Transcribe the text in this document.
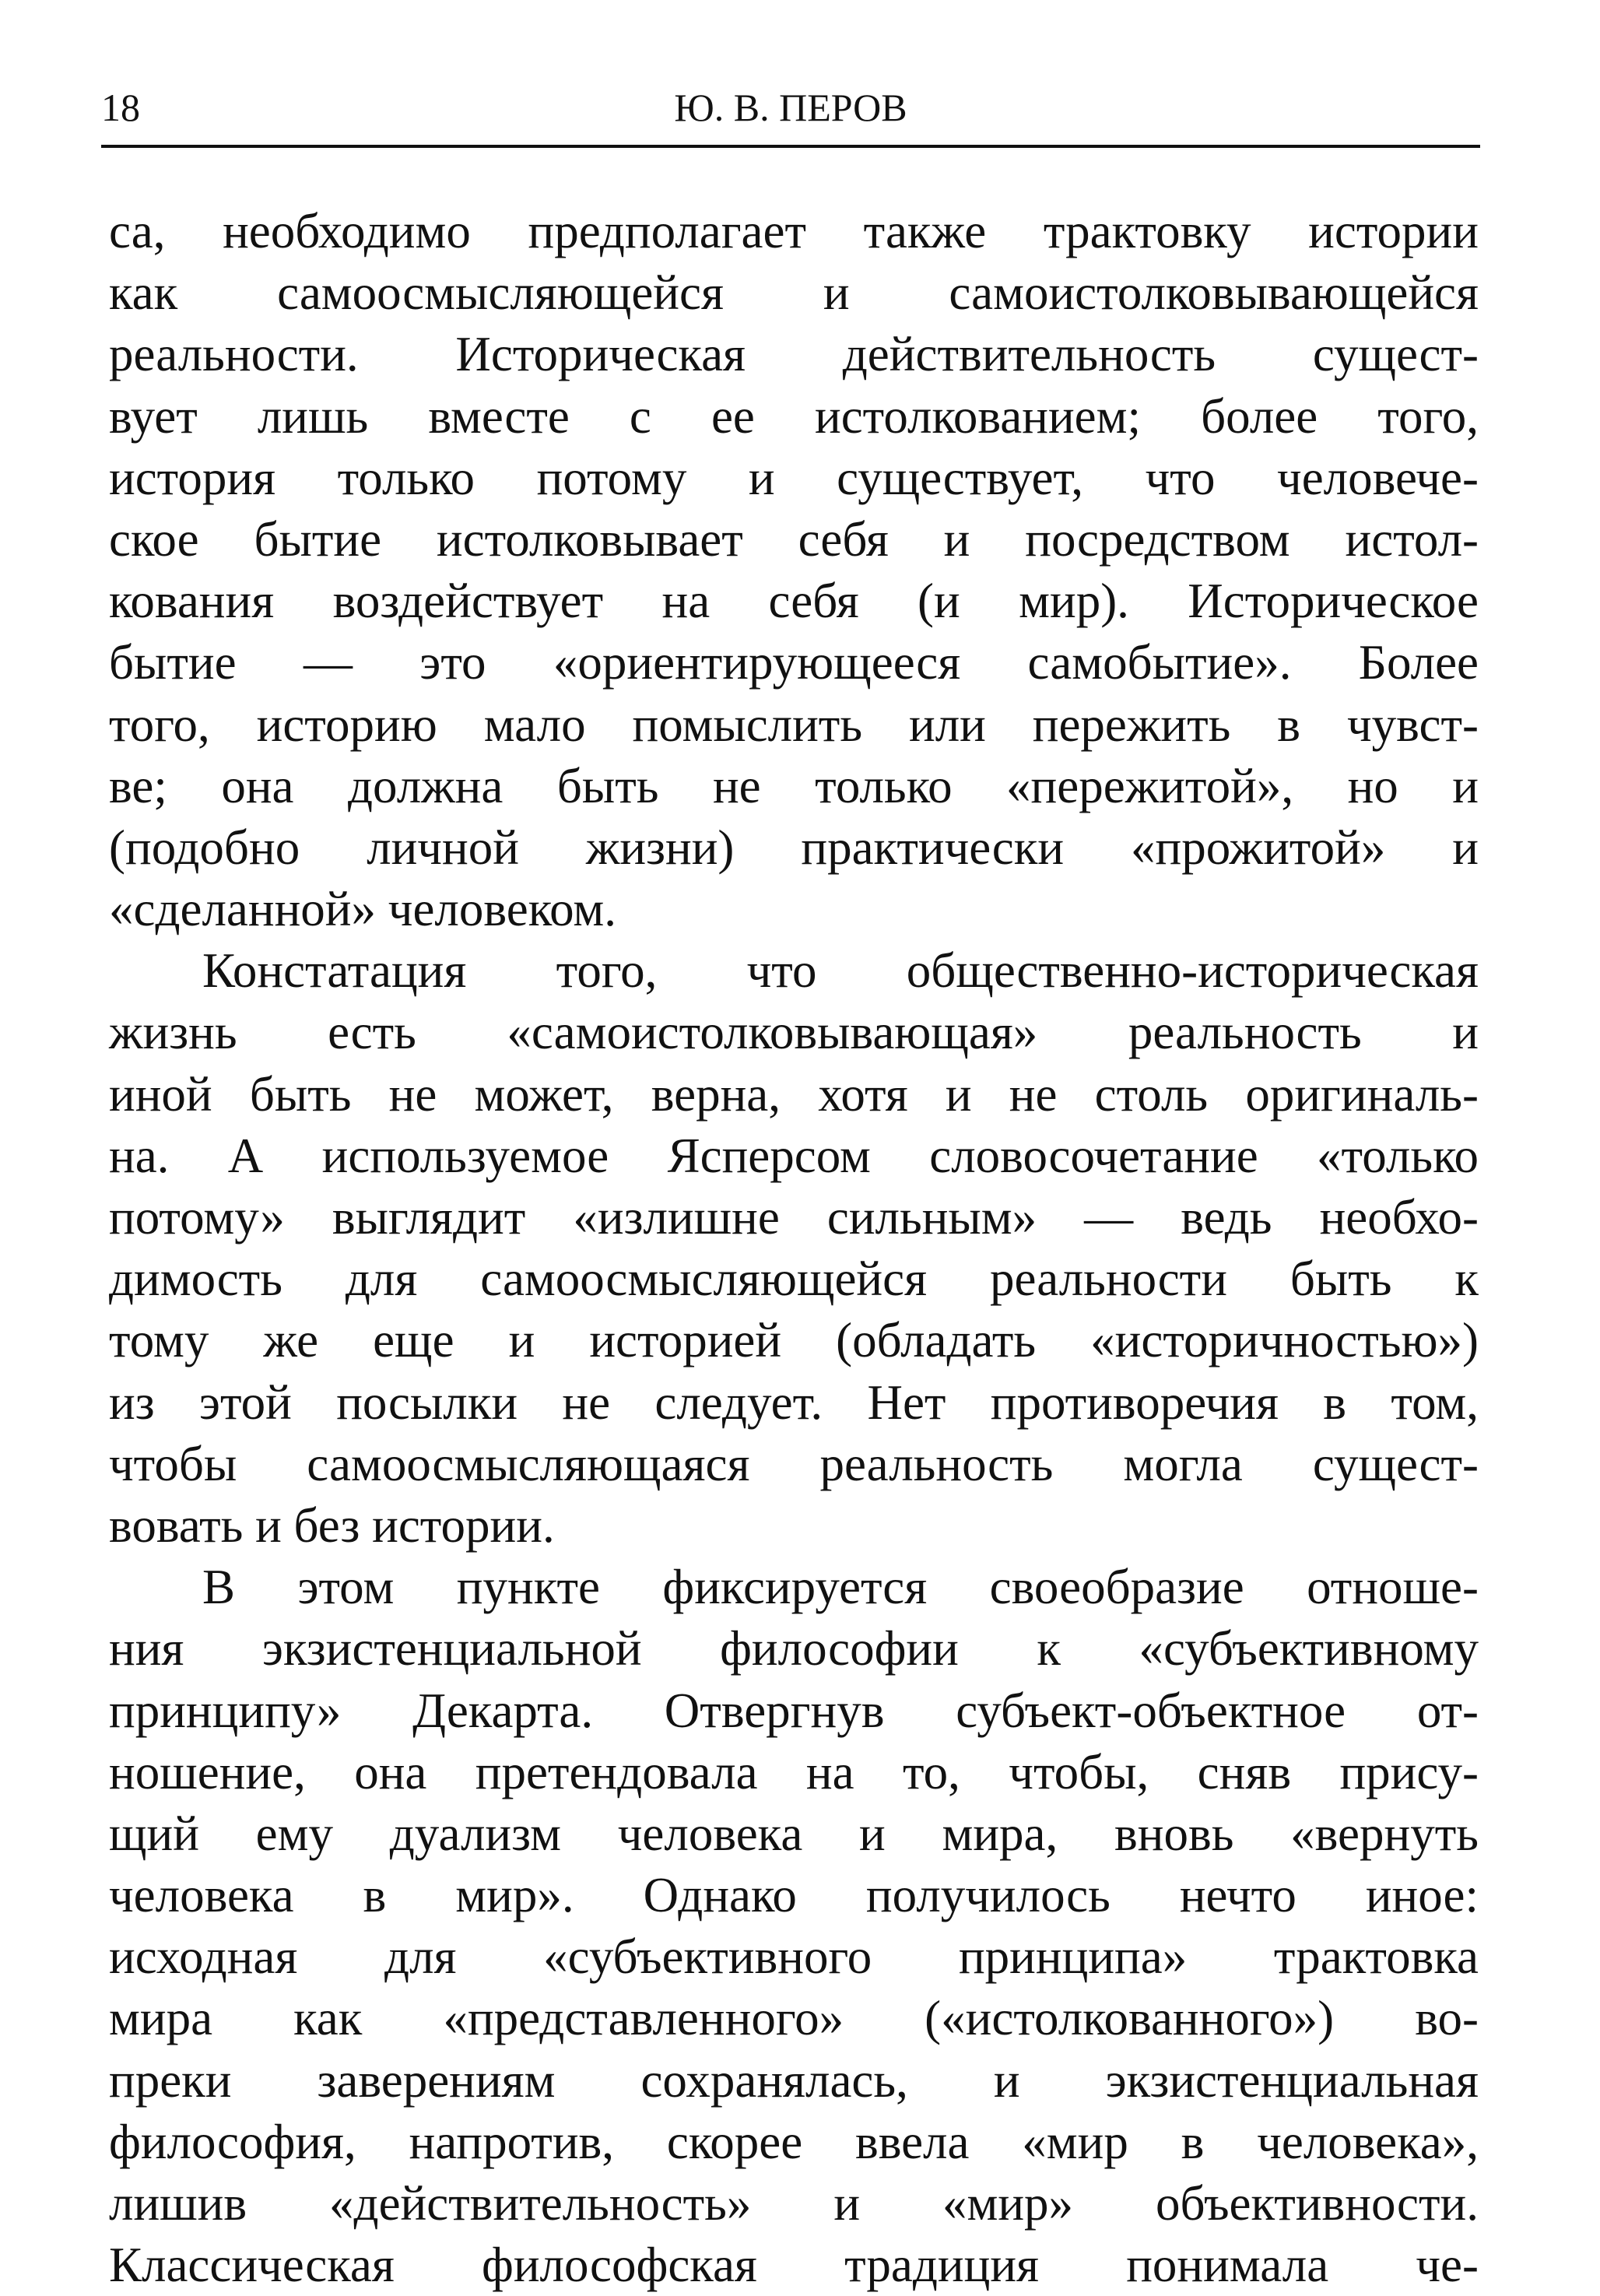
18	Ю. В. ПЕРОВ
са, необходимо предполагает также трактовку истории
как самоосмысляющейся и самоистолковывающейся
реальности. Историческая действительность сущест-
вует лишь вместе с ее истолкованием; более того,
история только потому и существует, что человече-
ское бытие истолковывает себя и посредством истол-
кования воздействует на себя (и мир). Историческое
бытие — это «ориентирующееся самобытие». Более
того, историю мало помыслить или пережить в чувст-
ве; она должна быть не только «пережитой», но и
(подобно личной жизни) практически «прожитой» и
«сделанной» человеком.
Констатация того, что общественно-историческая
жизнь есть «самоистолковывающая» реальность и
иной быть не может, верна, хотя и не столь оригиналь-
на. А используемое Ясперсом словосочетание «только
потому» выглядит «излишне сильным» — ведь необхо-
димость для самоосмысляющейся реальности быть к
тому же еще и историей (обладать «историчностью»)
из этой посылки не следует. Нет противоречия в том,
чтобы самоосмысляющаяся реальность могла сущест-
вовать и без истории.
В этом пункте фиксируется своеобразие отноше-
ния экзистенциальной философии к «субъективному
принципу» Декарта. Отвергнув субъект-объектное от-
ношение, она претендовала на то, чтобы, сняв прису-
щий ему дуализм человека и мира, вновь «вернуть
человека в мир». Однако получилось нечто иное:
исходная для «субъективного принципа» трактовка
мира как «представленного» («истолкованного») во-
преки заверениям сохранялась, и экзистенциальная
философия, напротив, скорее ввела «мир в человека»,
лишив «действительность» и «мир» объективности.
Классическая философская традиция понимала че-
